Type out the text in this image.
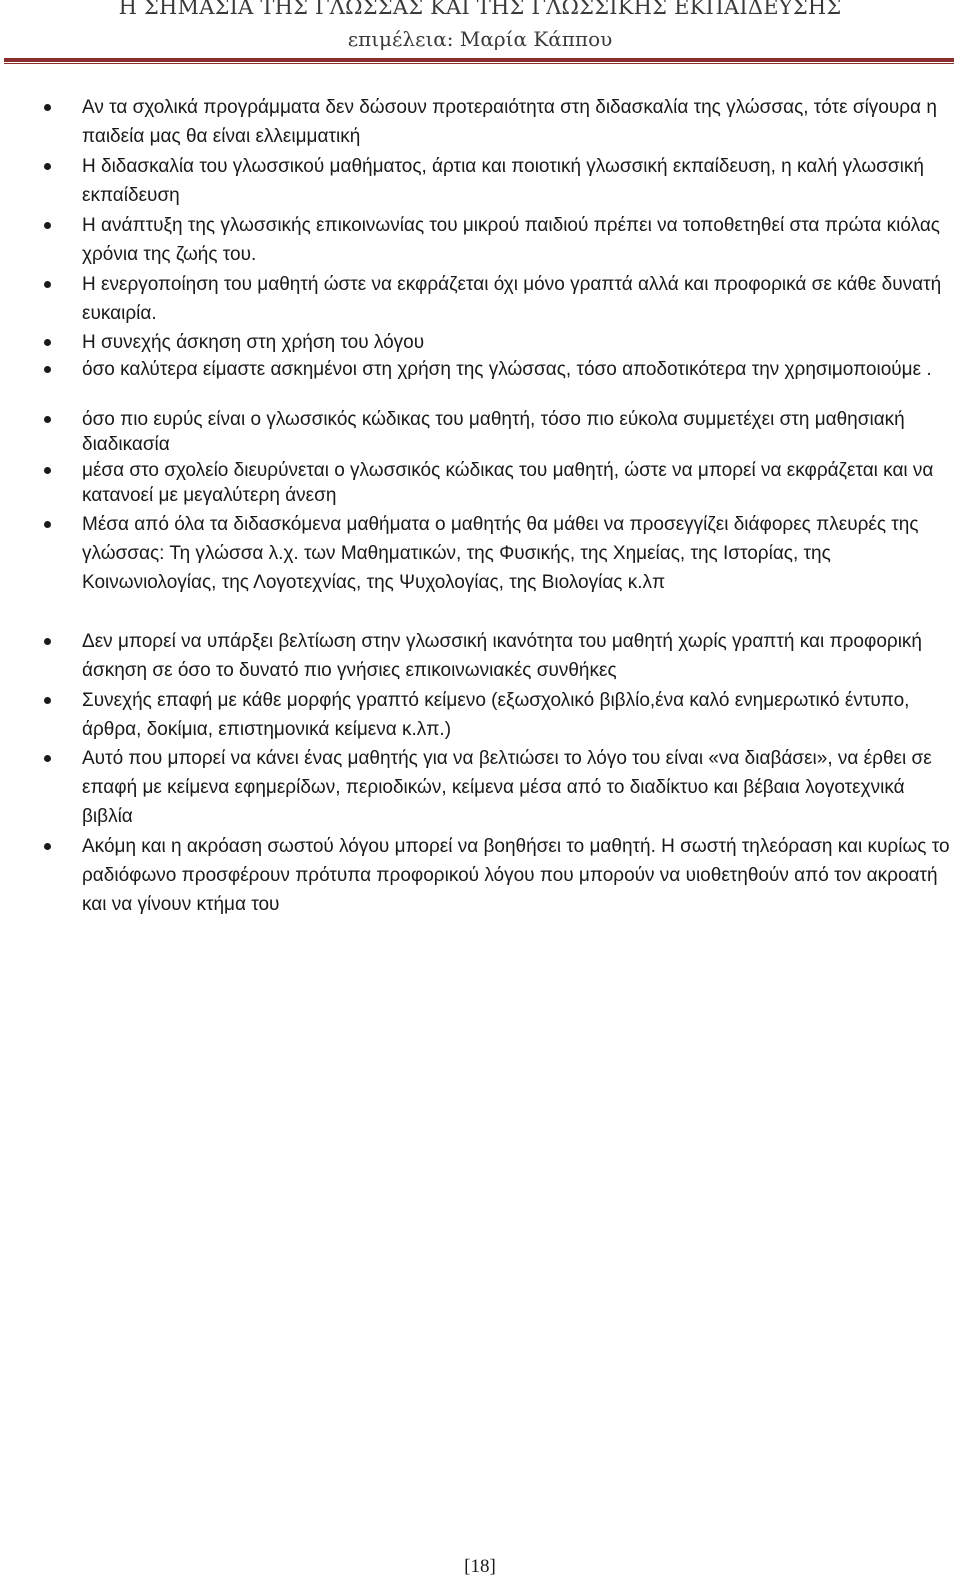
Η ΣΗΜΑΣΙΑ ΤΗΣ ΓΛΩΣΣΑΣ ΚΑΙ ΤΗΣ ΓΛΩΣΣΙΚΗΣ ΕΚΠΑΙΔΕΥΣΗΣ
επιμέλεια: Μαρία Κάππου
Αν τα σχολικά προγράμματα δεν δώσουν προτεραιότητα στη διδασκαλία της γλώσσας, τότε σίγουρα η παιδεία μας θα είναι ελλειμματική
Η διδασκαλία του γλωσσικού μαθήματος, άρτια και ποιοτική γλωσσική εκπαίδευση, η καλή γλωσσική εκπαίδευση
Η ανάπτυξη της γλωσσικής επικοινωνίας του μικρού παιδιού πρέπει να τοποθετηθεί στα πρώτα κιόλας χρόνια της ζωής του.
Η ενεργοποίηση του μαθητή ώστε να εκφράζεται όχι μόνο γραπτά αλλά και προφορικά σε κάθε δυνατή ευκαιρία.
Η συνεχής άσκηση στη χρήση του λόγου
όσο καλύτερα είμαστε ασκημένοι στη χρήση της γλώσσας, τόσο αποδοτικότερα την χρησιμοποιούμε .
όσο πιο ευρύς είναι ο γλωσσικός κώδικας του μαθητή, τόσο πιο εύκολα συμμετέχει στη μαθησιακή διαδικασία
μέσα στο σχολείο διευρύνεται ο γλωσσικός κώδικας του μαθητή, ώστε να μπορεί να εκφράζεται και να κατανοεί με μεγαλύτερη άνεση
Μέσα από όλα τα διδασκόμενα μαθήματα ο μαθητής θα μάθει να προσεγγίζει διάφορες πλευρές της γλώσσας: Τη γλώσσα λ.χ. των Μαθηματικών, της Φυσικής, της Χημείας, της Ιστορίας, της Κοινωνιολογίας, της Λογοτεχνίας, της Ψυχολογίας, της Βιολογίας κ.λπ
Δεν μπορεί να υπάρξει βελτίωση στην γλωσσική ικανότητα του μαθητή χωρίς γραπτή και προφορική άσκηση σε όσο το δυνατό πιο γνήσιες επικοινωνιακές συνθήκες
Συνεχής επαφή με κάθε μορφής γραπτό κείμενο (εξωσχολικό βιβλίο,ένα καλό ενημερωτικό έντυπο, άρθρα, δοκίμια, επιστημονικά κείμενα κ.λπ.)
Αυτό που μπορεί να κάνει ένας μαθητής για να βελτιώσει το λόγο του είναι «να διαβάσει», να έρθει σε επαφή με κείμενα εφημερίδων, περιοδικών, κείμενα μέσα από το διαδίκτυο και βέβαια λογοτεχνικά βιβλία
Ακόμη και η ακρόαση σωστού λόγου μπορεί να βοηθήσει το μαθητή. Η σωστή τηλεόραση και κυρίως το ραδιόφωνο προσφέρουν πρότυπα προφορικού λόγου που μπορούν να υιοθετηθούν από τον ακροατή και να γίνουν κτήμα του
[18]
